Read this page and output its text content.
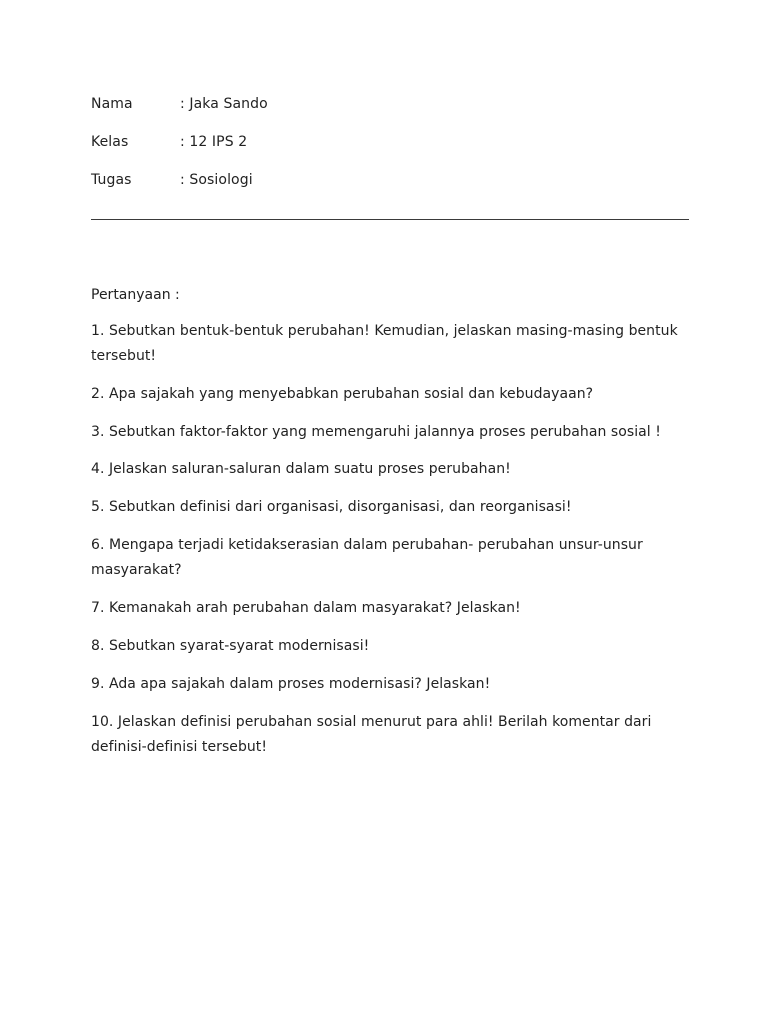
Nama	: Jaka Sando
Kelas	: 12 IPS 2
Tugas	: Sosiologi
Pertanyaan :
1. Sebutkan bentuk-bentuk perubahan! Kemudian, jelaskan masing-masing bentuk tersebut!
2. Apa sajakah yang menyebabkan perubahan sosial dan kebudayaan?
3. Sebutkan faktor-faktor yang memengaruhi jalannya proses perubahan sosial !
4. Jelaskan saluran-saluran dalam suatu proses perubahan!
5. Sebutkan definisi dari organisasi, disorganisasi, dan reorganisasi!
6. Mengapa terjadi ketidakserasian dalam perubahan- perubahan unsur-unsur masyarakat?
7. Kemanakah arah perubahan dalam masyarakat? Jelaskan!
8. Sebutkan syarat-syarat modernisasi!
9. Ada apa sajakah dalam proses modernisasi? Jelaskan!
10. Jelaskan definisi perubahan sosial menurut para ahli! Berilah komentar dari definisi-definisi tersebut!
